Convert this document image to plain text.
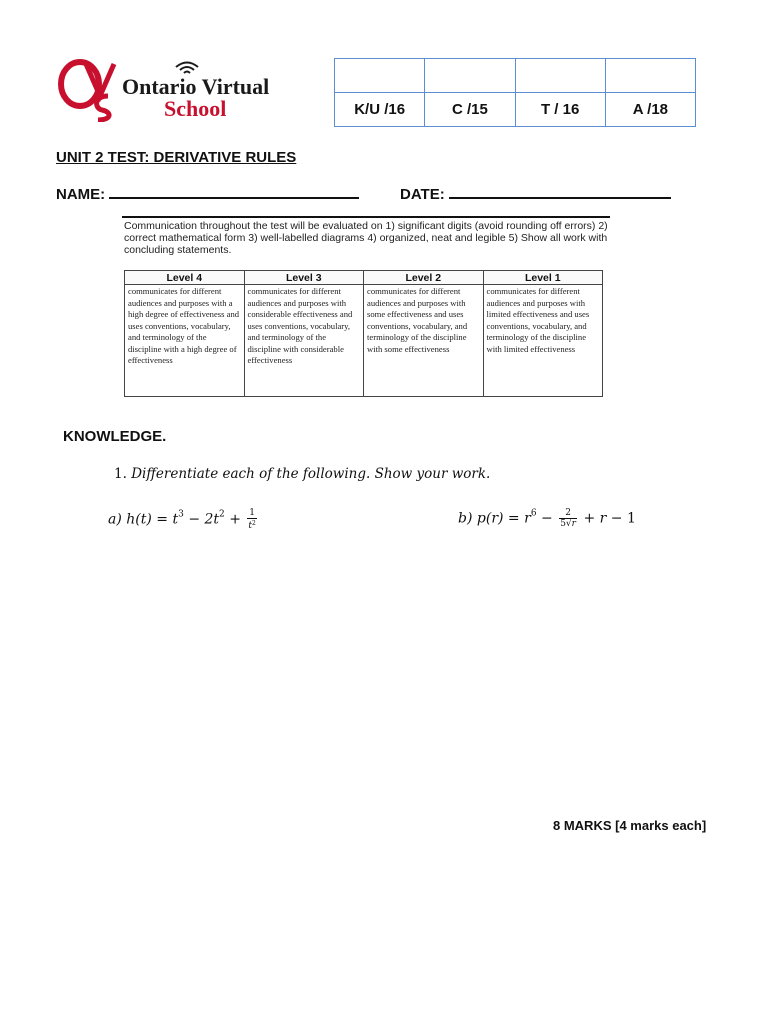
Ontario Virtual
School
				K/U /16	C /15	T / 16	A /18
UNIT 2 TEST: DERIVATIVE RULES
NAME:	DATE:
Communication throughout the test will be evaluated on 1) significant digits (avoid rounding off errors) 2) correct mathematical form 3) well-labelled diagrams 4) organized, neat and legible 5) Show all work with concluding statements.
Level 4	Level 3	Level 2	Level 1
communicates for different audiences and purposes with a high degree of effectiveness and uses conventions, vocabulary, and terminology of the discipline with a high degree of effectiveness	communicates for different audiences and purposes with considerable effectiveness and uses conventions, vocabulary, and terminology of the discipline with considerable effectiveness	communicates for different audiences and purposes with some effectiveness and uses conventions, vocabulary, and terminology of the discipline with some effectiveness	communicates for different audiences and purposes with limited effectiveness and uses conventions, vocabulary, and terminology of the discipline with limited effectiveness
KNOWLEDGE.
1. Differentiate each of the following. Show your work.
a) $h(t) = t^3 - 2t^2 + \frac{1}{t^2}$	b) $p(r) = r^6 - \frac{2}{5√r} + r - 1$
8 MARKS [4 marks each]
